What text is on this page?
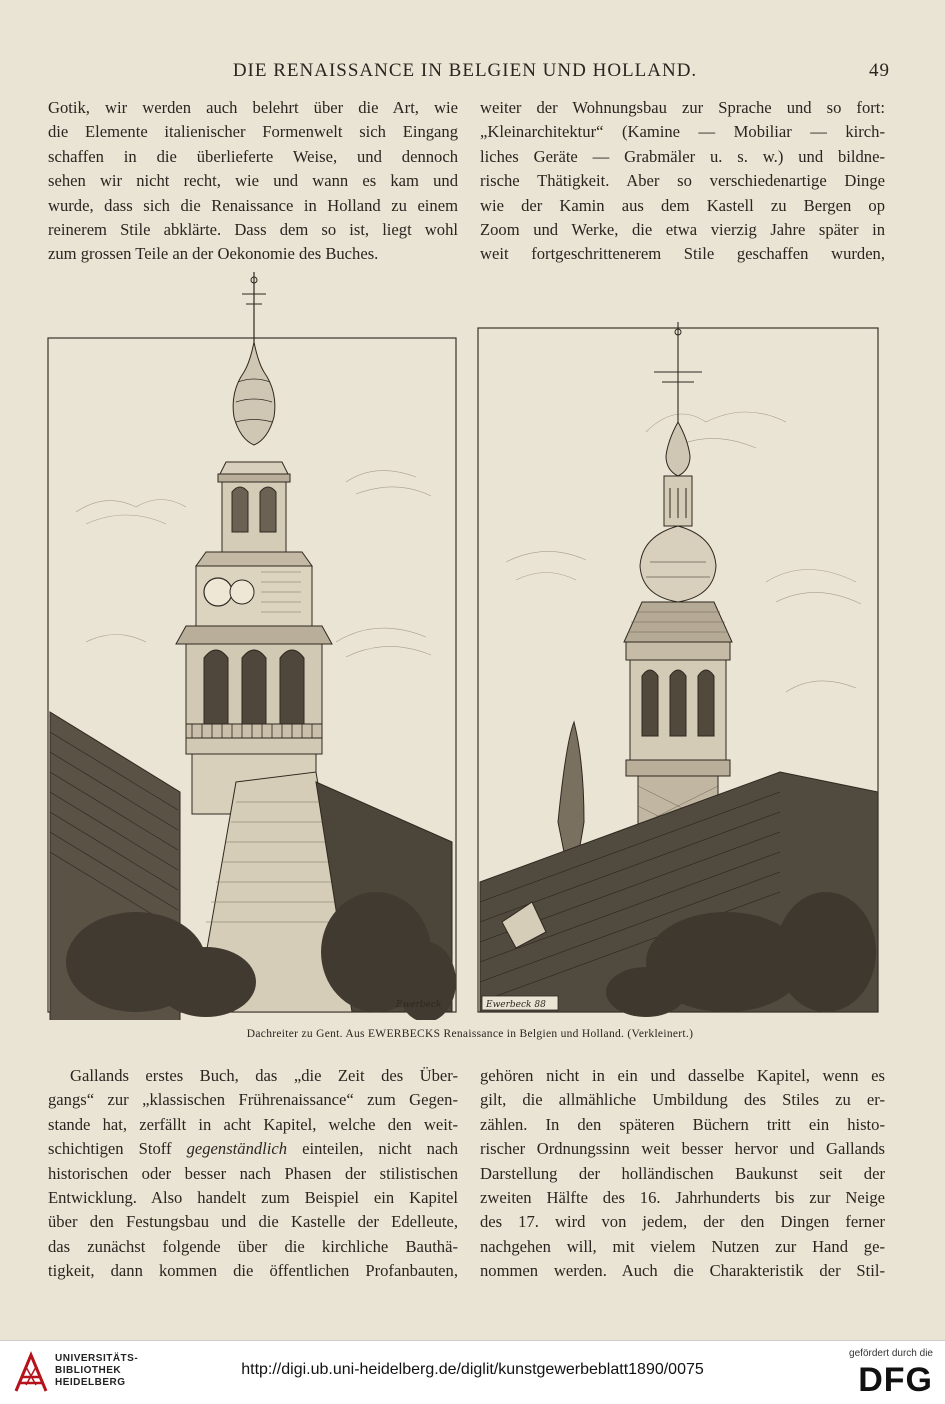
DIE RENAISSANCE IN BELGIEN UND HOLLAND.	49
Gotik, wir werden auch belehrt über die Art, wie
die Elemente italienischer Formenwelt sich Eingang
schaffen in die überlieferte Weise, und dennoch
sehen wir nicht recht, wie und wann es kam und
wurde, dass sich die Renaissance in Holland zu einem
reinerem Stile abklärte. Dass dem so ist, liegt wohl
zum grossen Teile an der Oekonomie des Buches.
weiter der Wohnungsbau zur Sprache und so fort:
„Kleinarchitektur“ (Kamine — Mobiliar — kirch-
liches Geräte — Grabmäler u. s. w.) und bildne-
rische Thätigkeit. Aber so verschiedenartige Dinge
wie der Kamin aus dem Kastell zu Bergen op
Zoom und Werke, die etwa vierzig Jahre später in
weit fortgeschrittenerem Stile geschaffen wurden,
Ewerbeck	Ewerbeck 88
Dachreiter zu Gent. Aus EWERBECKS Renaissance in Belgien und Holland. (Verkleinert.)
Gallands erstes Buch, das „die Zeit des Über-
gangs“ zur „klassischen Frührenaissance“ zum Gegen-
stande hat, zerfällt in acht Kapitel, welche den weit-
schichtigen Stoff gegenständlich einteilen, nicht nach
historischen oder besser nach Phasen der stilistischen
Entwicklung. Also handelt zum Beispiel ein Kapitel
über den Festungsbau und die Kastelle der Edelleute,
das zunächst folgende über die kirchliche Bauthä-
tigkeit, dann kommen die öffentlichen Profanbauten,
gehören nicht in ein und dasselbe Kapitel, wenn es
gilt, die allmähliche Umbildung des Stiles zu er-
zählen. In den späteren Büchern tritt ein histo-
rischer Ordnungssinn weit besser hervor und Gallands
Darstellung der holländischen Baukunst seit der
zweiten Hälfte des 16. Jahrhunderts bis zur Neige
des 17. wird von jedem, der den Dingen ferner
nachgehen will, mit vielem Nutzen zur Hand ge-
nommen werden. Auch die Charakteristik der Stil-
UNIVERSITÄTS-
BIBLIOTHEK
HEIDELBERG
http://digi.ub.uni-heidelberg.de/diglit/kunstgewerbeblatt1890/0075
gefördert durch die
DFG
